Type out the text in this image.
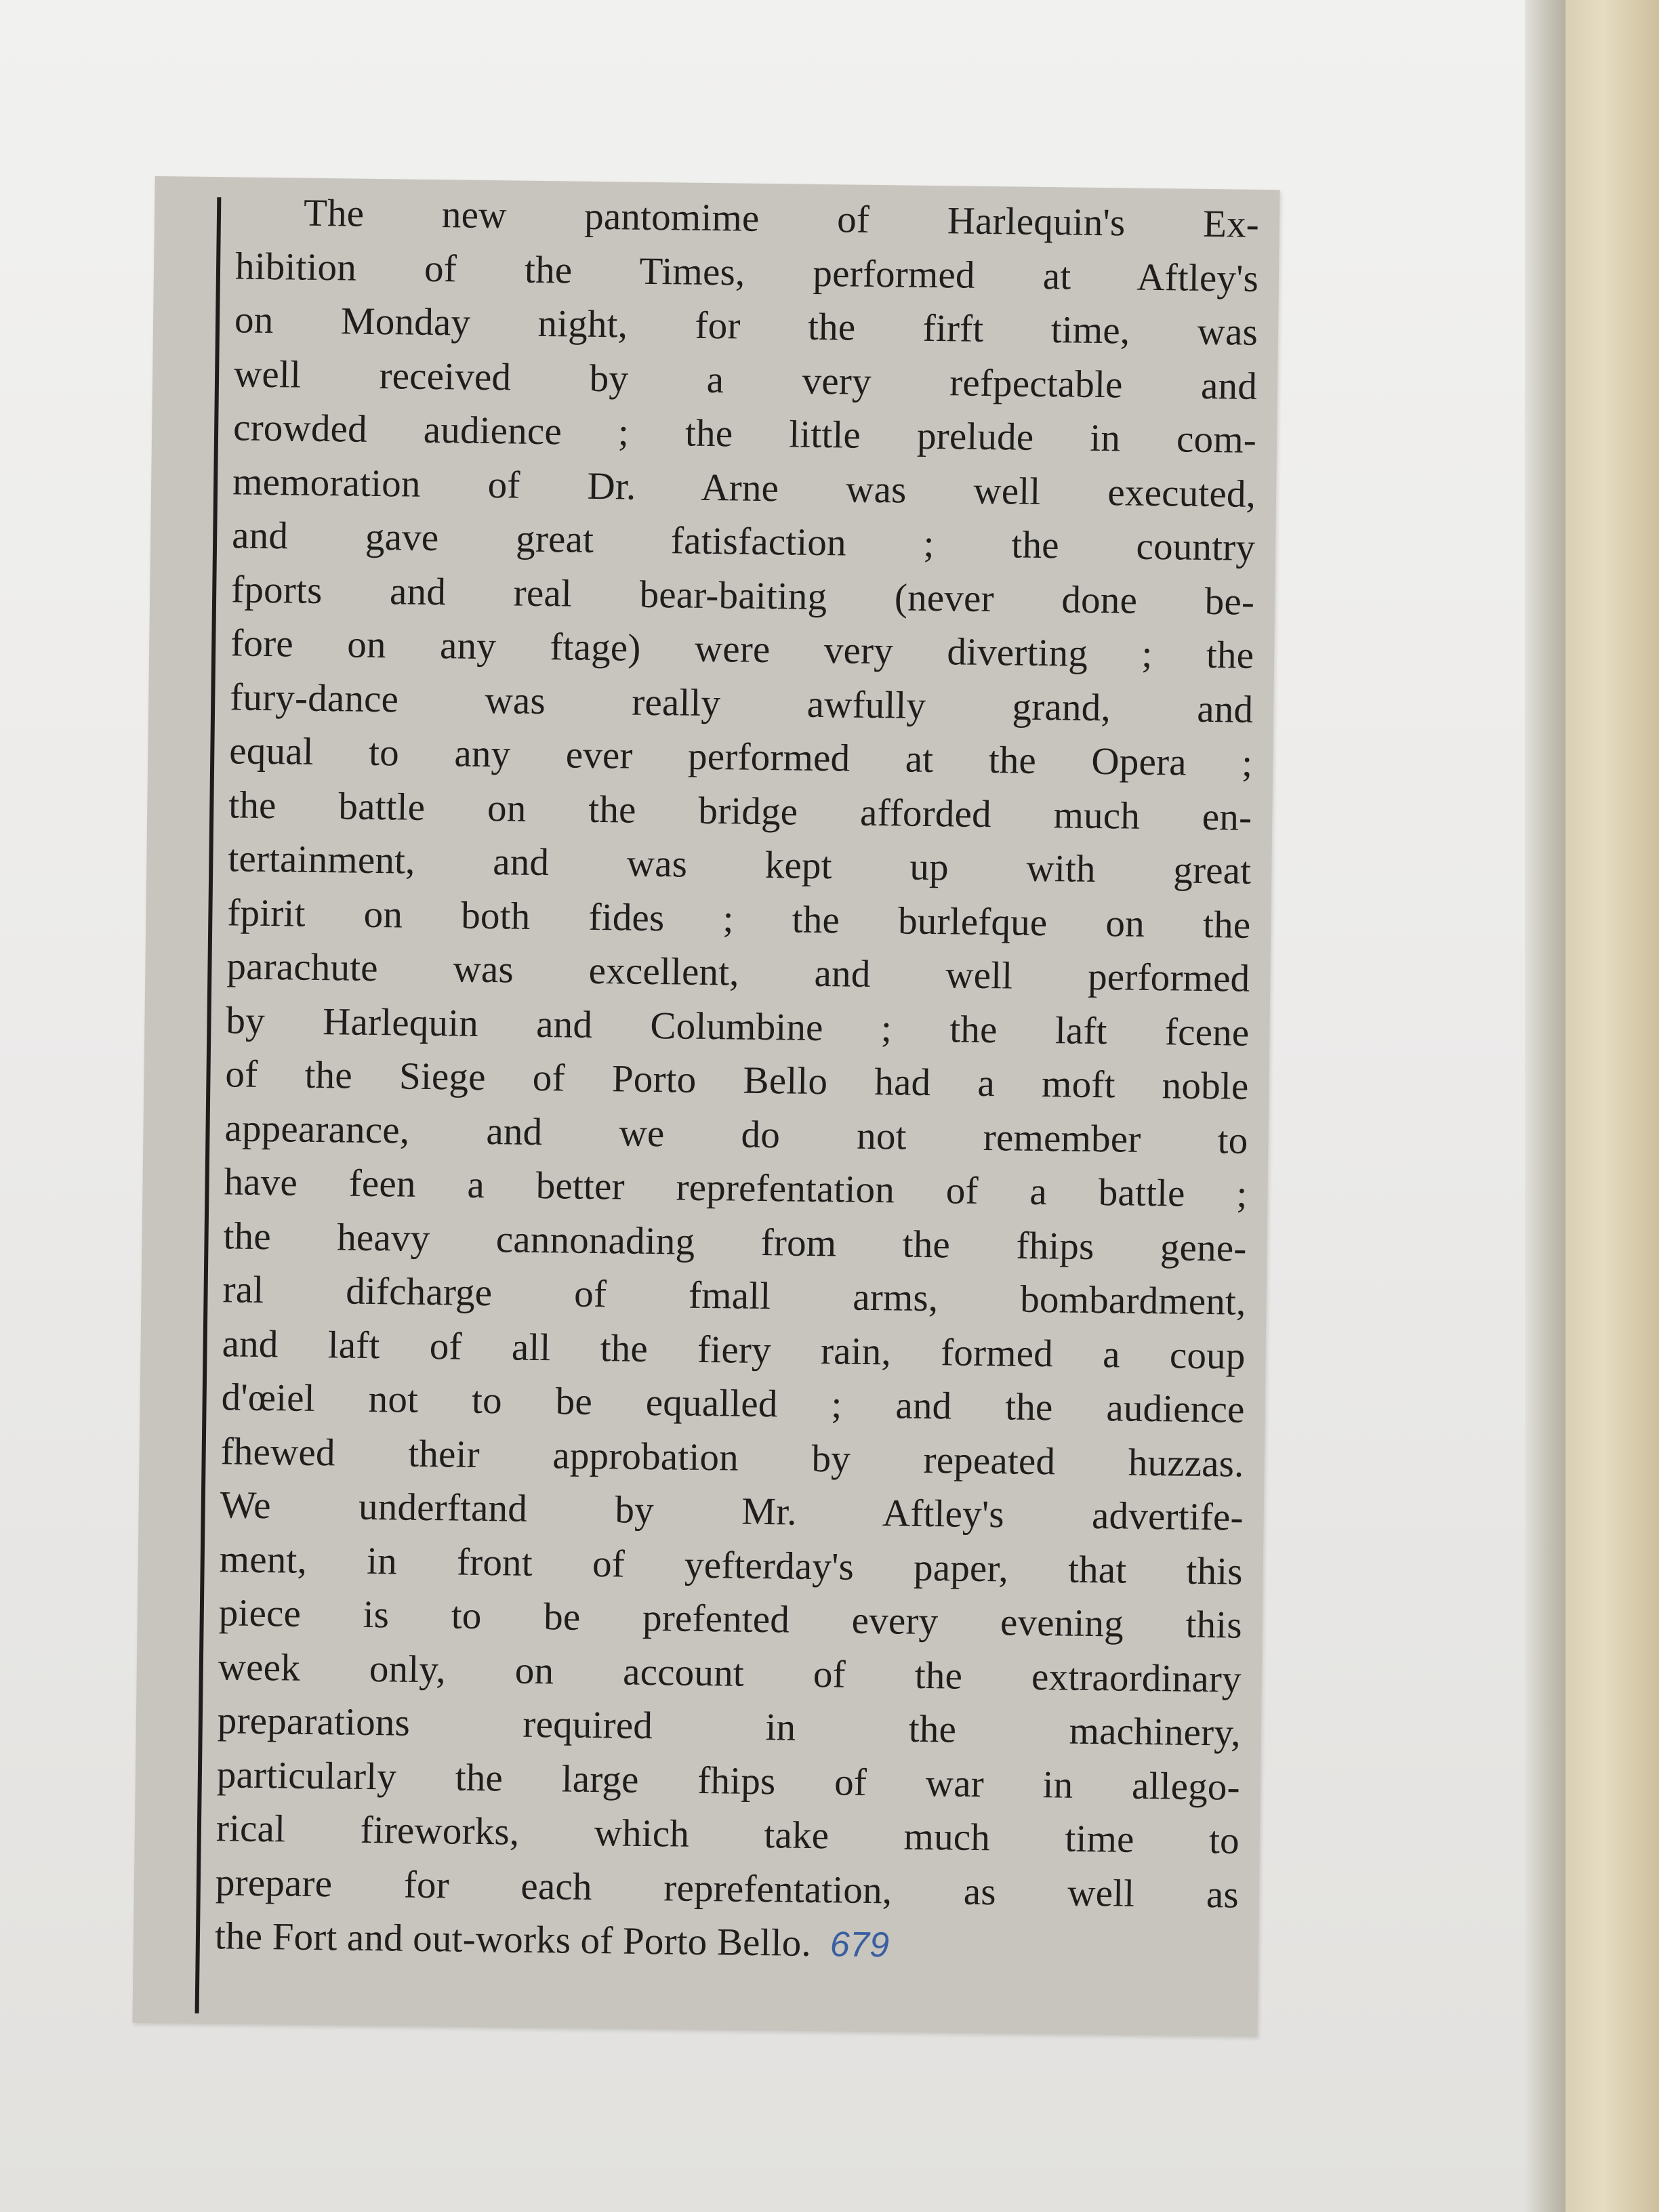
The new pantomime of Harlequin's Ex-
hibition of the Times, performed at Aftley's
on Monday night, for the firft time, was
well received by a very refpectable and
crowded audience ; the little prelude in com-
memoration of Dr. Arne was well executed,
and gave great fatisfaction ; the country
fports and real bear-baiting (never done be-
fore on any ftage) were very diverting ; the
fury-dance was really awfully grand, and
equal to any ever performed at the Opera ;
the battle on the bridge afforded much en-
tertainment, and was kept up with great
fpirit on both fides ; the burlefque on the
parachute was excellent, and well performed
by Harlequin and Columbine ; the laft fcene
of the Siege of Porto Bello had a moft noble
appearance, and we do not remember to
have feen a better reprefentation of a battle ;
the heavy cannonading from the fhips gene-
ral difcharge of fmall arms, bombardment,
and laft of all the fiery rain, formed a coup
d'œiel not to be equalled ; and the audience
fhewed their approbation by repeated huzzas.
We underftand by Mr. Aftley's advertife-
ment, in front of yefterday's paper, that this
piece is to be prefented every evening this
week only, on account of the extraordinary
preparations required in the machinery,
particularly the large fhips of war in allego-
rical fireworks, which take much time to
prepare for each reprefentation, as well as
the Fort and out-works of Porto Bello. 679
